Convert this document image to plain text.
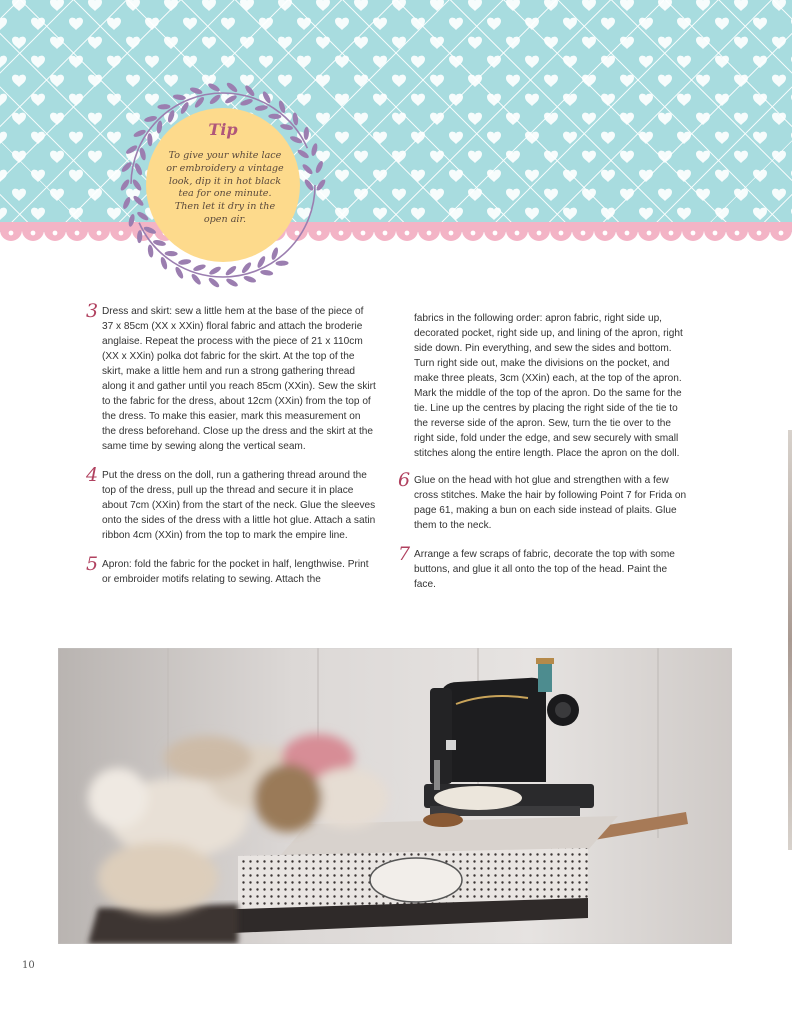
Tip
To give your white lace or embroidery a vintage look, dip it in hot black tea for one minute. Then let it dry in the open air.
3 Dress and skirt: sew a little hem at the base of the piece of 37 x 85cm (XX x XXin) floral fabric and attach the broderie anglaise. Repeat the process with the piece of 21 x 110cm (XX x XXin) polka dot fabric for the skirt. At the top of the skirt, make a little hem and run a strong gathering thread along it and gather until you reach 85cm (XXin). Sew the skirt to the fabric for the dress, about 12cm (XXin) from the top of the dress. To make this easier, mark this measurement on the dress beforehand. Close up the dress and the skirt at the same time by sewing along the vertical seam.
4 Put the dress on the doll, run a gathering thread around the top of the dress, pull up the thread and secure it in place about 7cm (XXin) from the start of the neck. Glue the sleeves onto the sides of the dress with a little hot glue. Attach a satin ribbon 4cm (XXin) from the top to mark the empire line.
5 Apron: fold the fabric for the pocket in half, lengthwise. Print or embroider motifs relating to sewing. Attach the
fabrics in the following order: apron fabric, right side up, decorated pocket, right side up, and lining of the apron, right side down. Pin everything, and sew the sides and bottom. Turn right side out, make the divisions on the pocket, and make three pleats, 3cm (XXin) each, at the top of the apron. Mark the middle of the top of the apron. Do the same for the tie. Line up the centres by placing the right side of the tie to the reverse side of the apron. Sew, turn the tie over to the right side, fold under the edge, and sew securely with small stitches along the entire length. Place the apron on the doll.
6 Glue on the head with hot glue and strengthen with a few cross stitches. Make the hair by following Point 7 for Frida on page 61, making a bun on each side instead of plaits. Glue them to the neck.
7 Arrange a few scraps of fabric, decorate the top with some buttons, and glue it all onto the top of the head. Paint the face.
10
